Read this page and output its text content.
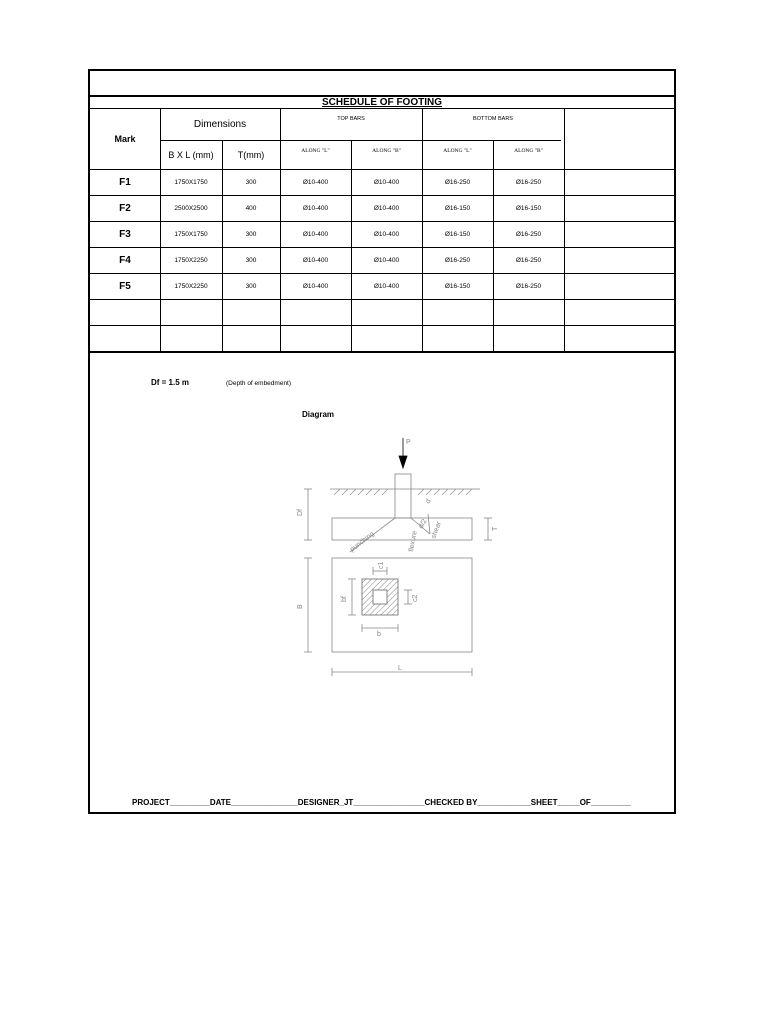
SCHEDULE OF FOOTING
Mark
Dimensions
B X L (mm)	T(mm)
TOP BARS	BOTTOM BARS
ALONG "L"	ALONG "B"	ALONG "L"	ALONG "B"
F1	1750X1750	300	Ø10-400	Ø10-400	Ø16-250	Ø16-250
F2	2500X2500	400	Ø10-400	Ø10-400	Ø16-150	Ø16-150
F3	1750X1750	300	Ø10-400	Ø10-400	Ø16-150	Ø16-250
F4	1750X2250	300	Ø10-400	Ø10-400	Ø16-250	Ø16-250
F5	1750X2250	300	Ø10-400	Ø10-400	Ø16-150	Ø16-250
Df = 1.5 m	(Depth of embedment)
Diagram
P
Df
T
d
d/2
punching	flexure
shear
B
L
c1
c2
bf
b
PROJECT_________DATE_______________DESIGNER_JT________________CHECKED BY____________SHEET_____OF_________
